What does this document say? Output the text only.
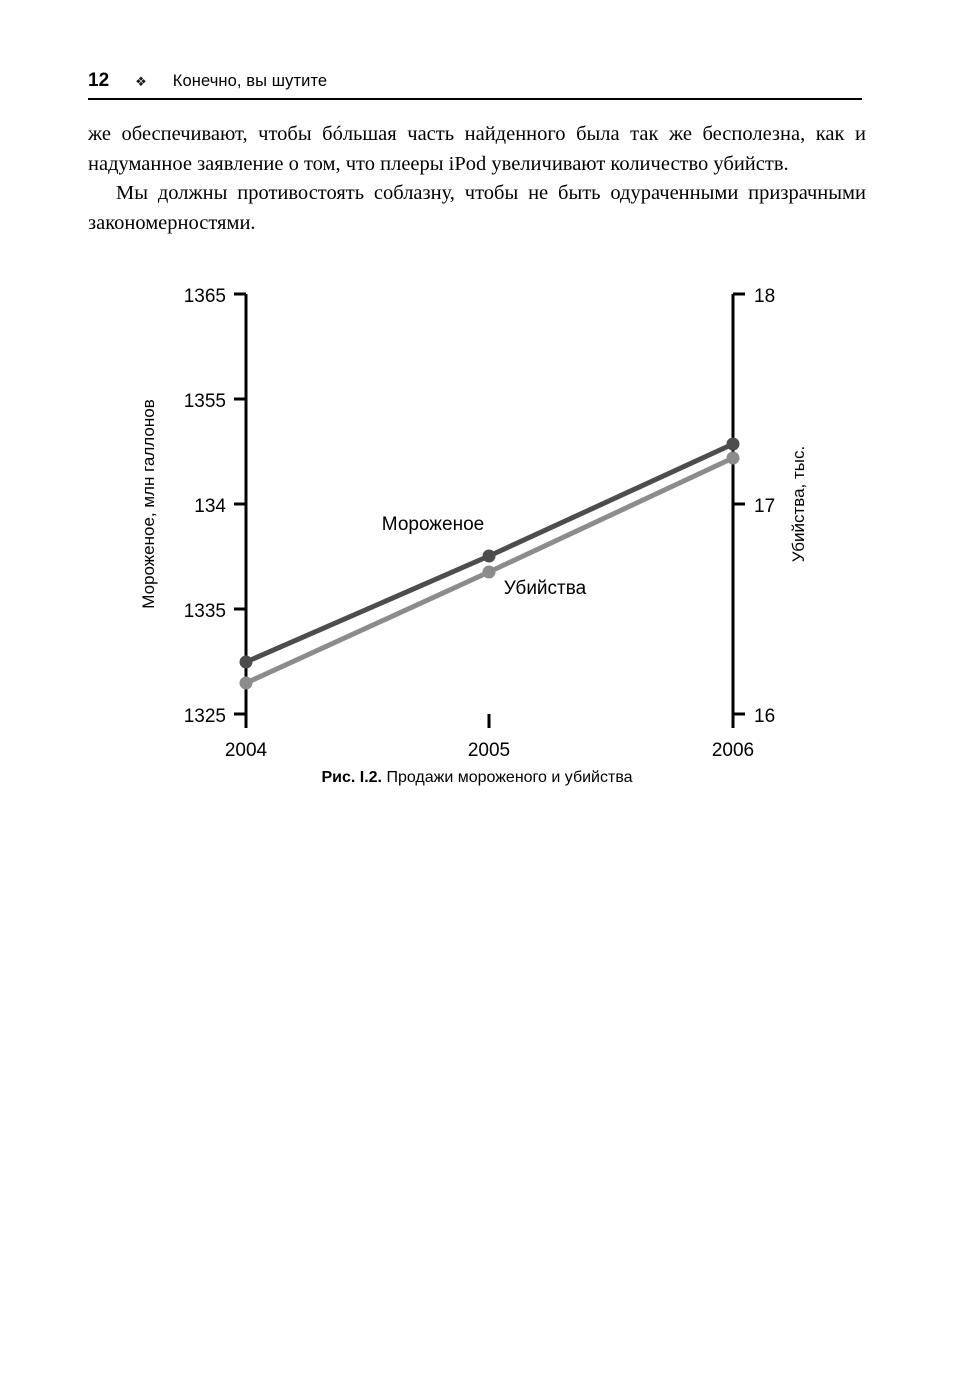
12	❖	Конечно, вы шутите

же обеспечивают, чтобы бóльшая часть найденного была так же бесполезна, как и надуманное заявление о том, что плееры iPod увеличивают количество убийств.

Мы должны противостоять соблазну, чтобы не быть одураченными призрачными закономерностями.

1365
1355
134
1335
1325
18
17
16
2004	2005	2006
Мороженое, млн галлонов	Убийства, тыс.
Мороженое
Убийства
Рис. I.2. Продажи мороженого и убийства
